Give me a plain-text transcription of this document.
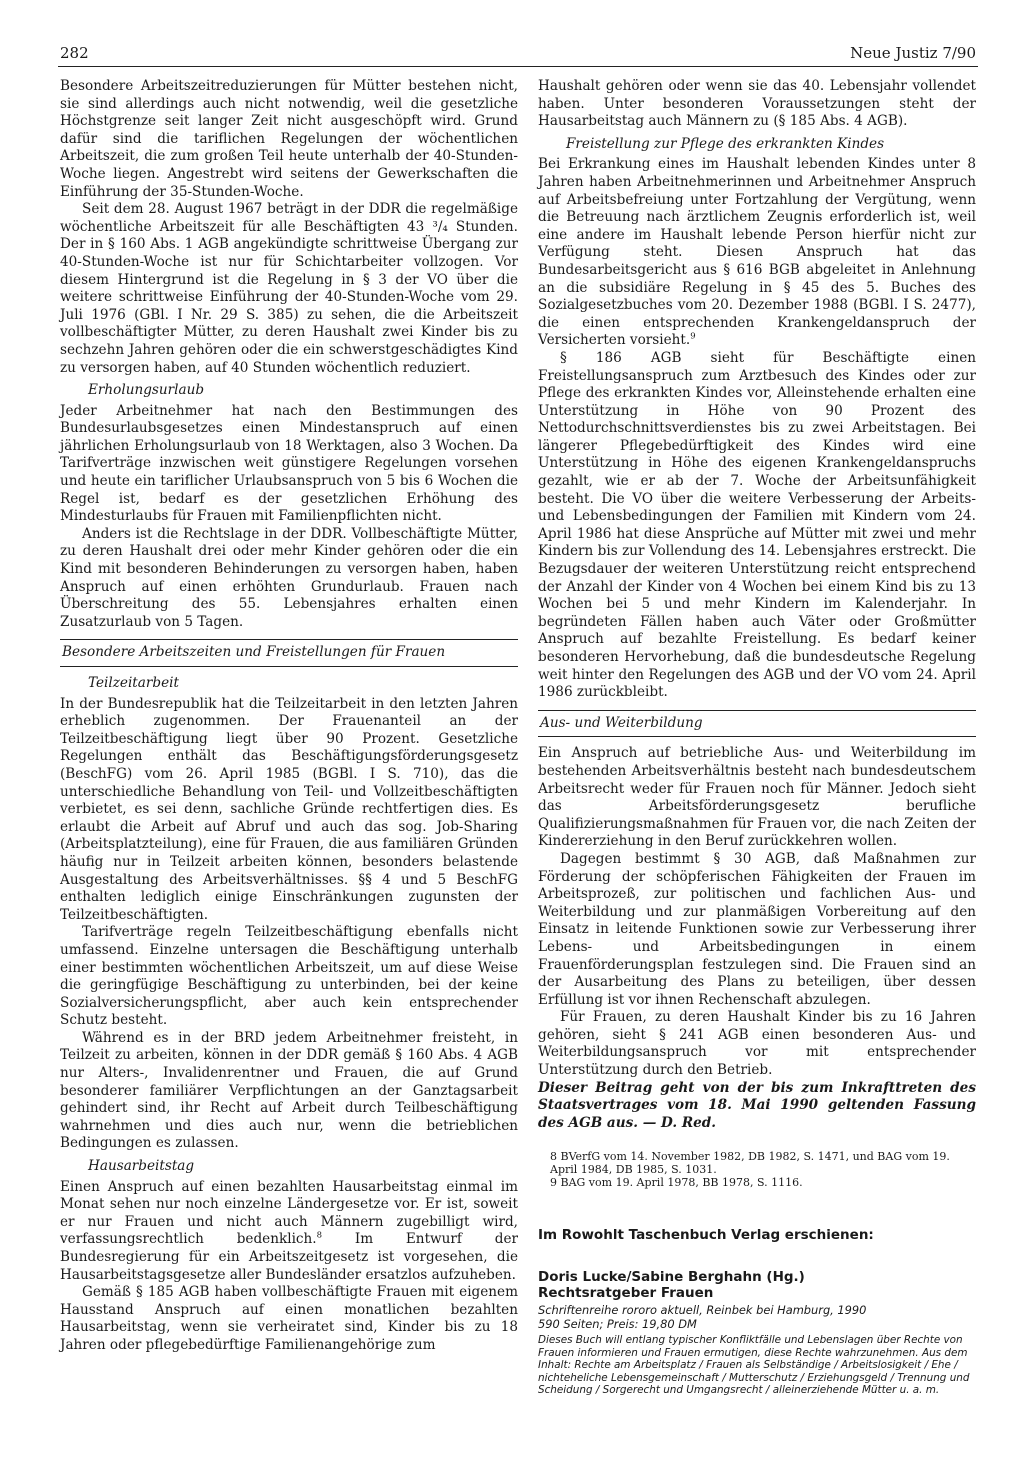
282	Neue Justiz 7/90

Besondere Arbeitszeitreduzierungen für Mütter bestehen nicht, sie sind allerdings auch nicht notwendig, weil die gesetzliche Höchstgrenze seit langer Zeit nicht ausgeschöpft wird. Grund dafür sind die tariflichen Regelungen der wöchentlichen Arbeitszeit, die zum großen Teil heute unterhalb der 40-Stunden-Woche liegen. Angestrebt wird seitens der Gewerkschaften die Einführung der 35-Stunden-Woche.

Seit dem 28. August 1967 beträgt in der DDR die regelmäßige wöchentliche Arbeitszeit für alle Beschäftigten 43 ³/₄ Stunden. Der in § 160 Abs. 1 AGB angekündigte schrittweise Übergang zur 40-Stunden-Woche ist nur für Schichtarbeiter vollzogen. Vor diesem Hintergrund ist die Regelung in § 3 der VO über die weitere schrittweise Einführung der 40-Stunden-Woche vom 29. Juli 1976 (GBl. I Nr. 29 S. 385) zu sehen, die die Arbeitszeit vollbeschäftigter Mütter, zu deren Haushalt zwei Kinder bis zu sechzehn Jahren gehören oder die ein schwerstgeschädigtes Kind zu versorgen haben, auf 40 Stunden wöchentlich reduziert.

Erholungsurlaub

Jeder Arbeitnehmer hat nach den Bestimmungen des Bundesurlaubsgesetzes einen Mindestanspruch auf einen jährlichen Erholungsurlaub von 18 Werktagen, also 3 Wochen. Da Tarifverträge inzwischen weit günstigere Regelungen vorsehen und heute ein tariflicher Urlaubsanspruch von 5 bis 6 Wochen die Regel ist, bedarf es der gesetzlichen Erhöhung des Mindesturlaubs für Frauen mit Familienpflichten nicht.

Anders ist die Rechtslage in der DDR. Vollbeschäftigte Mütter, zu deren Haushalt drei oder mehr Kinder gehören oder die ein Kind mit besonderen Behinderungen zu versorgen haben, haben Anspruch auf einen erhöhten Grundurlaub. Frauen nach Überschreitung des 55. Lebensjahres erhalten einen Zusatzurlaub von 5 Tagen.

Besondere Arbeitszeiten und Freistellungen für Frauen
Teilzeitarbeit

In der Bundesrepublik hat die Teilzeitarbeit in den letzten Jahren erheblich zugenommen. Der Frauenanteil an der Teilzeitbeschäftigung liegt über 90 Prozent. Gesetzliche Regelungen enthält das Beschäftigungsförderungsgesetz (BeschFG) vom 26. April 1985 (BGBl. I S. 710), das die unterschiedliche Behandlung von Teil- und Vollzeitbeschäftigten verbietet, es sei denn, sachliche Gründe rechtfertigen dies. Es erlaubt die Arbeit auf Abruf und auch das sog. Job-Sharing (Arbeitsplatzteilung), eine für Frauen, die aus familiären Gründen häufig nur in Teilzeit arbeiten können, besonders belastende Ausgestaltung des Arbeitsverhältnisses. §§ 4 und 5 BeschFG enthalten lediglich einige Einschränkungen zugunsten der Teilzeitbeschäftigten.

Tarifverträge regeln Teilzeitbeschäftigung ebenfalls nicht umfassend. Einzelne untersagen die Beschäftigung unterhalb einer bestimmten wöchentlichen Arbeitszeit, um auf diese Weise die geringfügige Beschäftigung zu unterbinden, bei der keine Sozialversicherungspflicht, aber auch kein entsprechender Schutz besteht.

Während es in der BRD jedem Arbeitnehmer freisteht, in Teilzeit zu arbeiten, können in der DDR gemäß § 160 Abs. 4 AGB nur Alters-, Invalidenrentner und Frauen, die auf Grund besonderer familiärer Verpflichtungen an der Ganztagsarbeit gehindert sind, ihr Recht auf Arbeit durch Teilbeschäftigung wahrnehmen und dies auch nur, wenn die betrieblichen Bedingungen es zulassen.

Hausarbeitstag

Einen Anspruch auf einen bezahlten Hausarbeitstag einmal im Monat sehen nur noch einzelne Ländergesetze vor. Er ist, soweit er nur Frauen und nicht auch Männern zugebilligt wird, verfassungsrechtlich bedenklich.$^8$ Im Entwurf der Bundesregierung für ein Arbeitszeitgesetz ist vorgesehen, die Hausarbeitstagsgesetze aller Bundesländer ersatzlos aufzuheben.

Gemäß § 185 AGB haben vollbeschäftigte Frauen mit eigenem Hausstand Anspruch auf einen monatlichen bezahlten Hausarbeitstag, wenn sie verheiratet sind, Kinder bis zu 18 Jahren oder pflegebedürftige Familienangehörige zum

Haushalt gehören oder wenn sie das 40. Lebensjahr vollendet haben. Unter besonderen Voraussetzungen steht der Hausarbeitstag auch Männern zu (§ 185 Abs. 4 AGB).

Freistellung zur Pflege des erkrankten Kindes

Bei Erkrankung eines im Haushalt lebenden Kindes unter 8 Jahren haben Arbeitnehmerinnen und Arbeitnehmer Anspruch auf Arbeitsbefreiung unter Fortzahlung der Vergütung, wenn die Betreuung nach ärztlichem Zeugnis erforderlich ist, weil eine andere im Haushalt lebende Person hierfür nicht zur Verfügung steht. Diesen Anspruch hat das Bundesarbeitsgericht aus § 616 BGB abgeleitet in Anlehnung an die subsidiäre Regelung in § 45 des 5. Buches des Sozialgesetzbuches vom 20. Dezember 1988 (BGBl. I S. 2477), die einen entsprechenden Krankengeldanspruch der Versicherten vorsieht.$^9$

§ 186 AGB sieht für Beschäftigte einen Freistellungsanspruch zum Arztbesuch des Kindes oder zur Pflege des erkrankten Kindes vor, Alleinstehende erhalten eine Unterstützung in Höhe von 90 Prozent des Nettodurchschnittsverdienstes bis zu zwei Arbeitstagen. Bei längerer Pflegebedürftigkeit des Kindes wird eine Unterstützung in Höhe des eigenen Krankengeldanspruchs gezahlt, wie er ab der 7. Woche der Arbeitsunfähigkeit besteht. Die VO über die weitere Verbesserung der Arbeits- und Lebensbedingungen der Familien mit Kindern vom 24. April 1986 hat diese Ansprüche auf Mütter mit zwei und mehr Kindern bis zur Vollendung des 14. Lebensjahres erstreckt. Die Bezugsdauer der weiteren Unterstützung reicht entsprechend der Anzahl der Kinder von 4 Wochen bei einem Kind bis zu 13 Wochen bei 5 und mehr Kindern im Kalenderjahr. In begründeten Fällen haben auch Väter oder Großmütter Anspruch auf bezahlte Freistellung. Es bedarf keiner besonderen Hervorhebung, daß die bundesdeutsche Regelung weit hinter den Regelungen des AGB und der VO vom 24. April 1986 zurückbleibt.

Aus- und Weiterbildung

Ein Anspruch auf betriebliche Aus- und Weiterbildung im bestehenden Arbeitsverhältnis besteht nach bundesdeutschem Arbeitsrecht weder für Frauen noch für Männer. Jedoch sieht das Arbeitsförderungsgesetz berufliche Qualifizierungsmaßnahmen für Frauen vor, die nach Zeiten der Kindererziehung in den Beruf zurückkehren wollen.

Dagegen bestimmt § 30 AGB, daß Maßnahmen zur Förderung der schöpferischen Fähigkeiten der Frauen im Arbeitsprozeß, zur politischen und fachlichen Aus- und Weiterbildung und zur planmäßigen Vorbereitung auf den Einsatz in leitende Funktionen sowie zur Verbesserung ihrer Lebens- und Arbeitsbedingungen in einem Frauenförderungsplan festzulegen sind. Die Frauen sind an der Ausarbeitung des Plans zu beteiligen, über dessen Erfüllung ist vor ihnen Rechenschaft abzulegen.

Für Frauen, zu deren Haushalt Kinder bis zu 16 Jahren gehören, sieht § 241 AGB einen besonderen Aus- und Weiterbildungsanspruch vor mit entsprechender Unterstützung durch den Betrieb.

Dieser Beitrag geht von der bis zum Inkrafttreten des Staatsvertrages vom 18. Mai 1990 geltenden Fassung des AGB aus. — D. Red.

8 BVerfG vom 14. November 1982, DB 1982, S. 1471, und BAG vom 19. April 1984, DB 1985, S. 1031.

9 BAG vom 19. April 1978, BB 1978, S. 1116.

Im Rowohlt Taschenbuch Verlag erschienen:
Doris Lucke/Sabine Berghahn (Hg.)
Rechtsratgeber Frauen
Schriftenreihe rororo aktuell, Reinbek bei Hamburg, 1990
590 Seiten; Preis: 19,80 DM
Dieses Buch will entlang typischer Konfliktfälle und Lebenslagen über Rechte von Frauen informieren und Frauen ermutigen, diese Rechte wahrzunehmen. Aus dem Inhalt: Rechte am Arbeitsplatz / Frauen als Selbständige / Arbeitslosigkeit / Ehe / nichteheliche Lebensgemeinschaft / Mutterschutz / Erziehungsgeld / Trennung und Scheidung / Sorgerecht und Umgangsrecht / alleinerziehende Mütter u. a. m.
